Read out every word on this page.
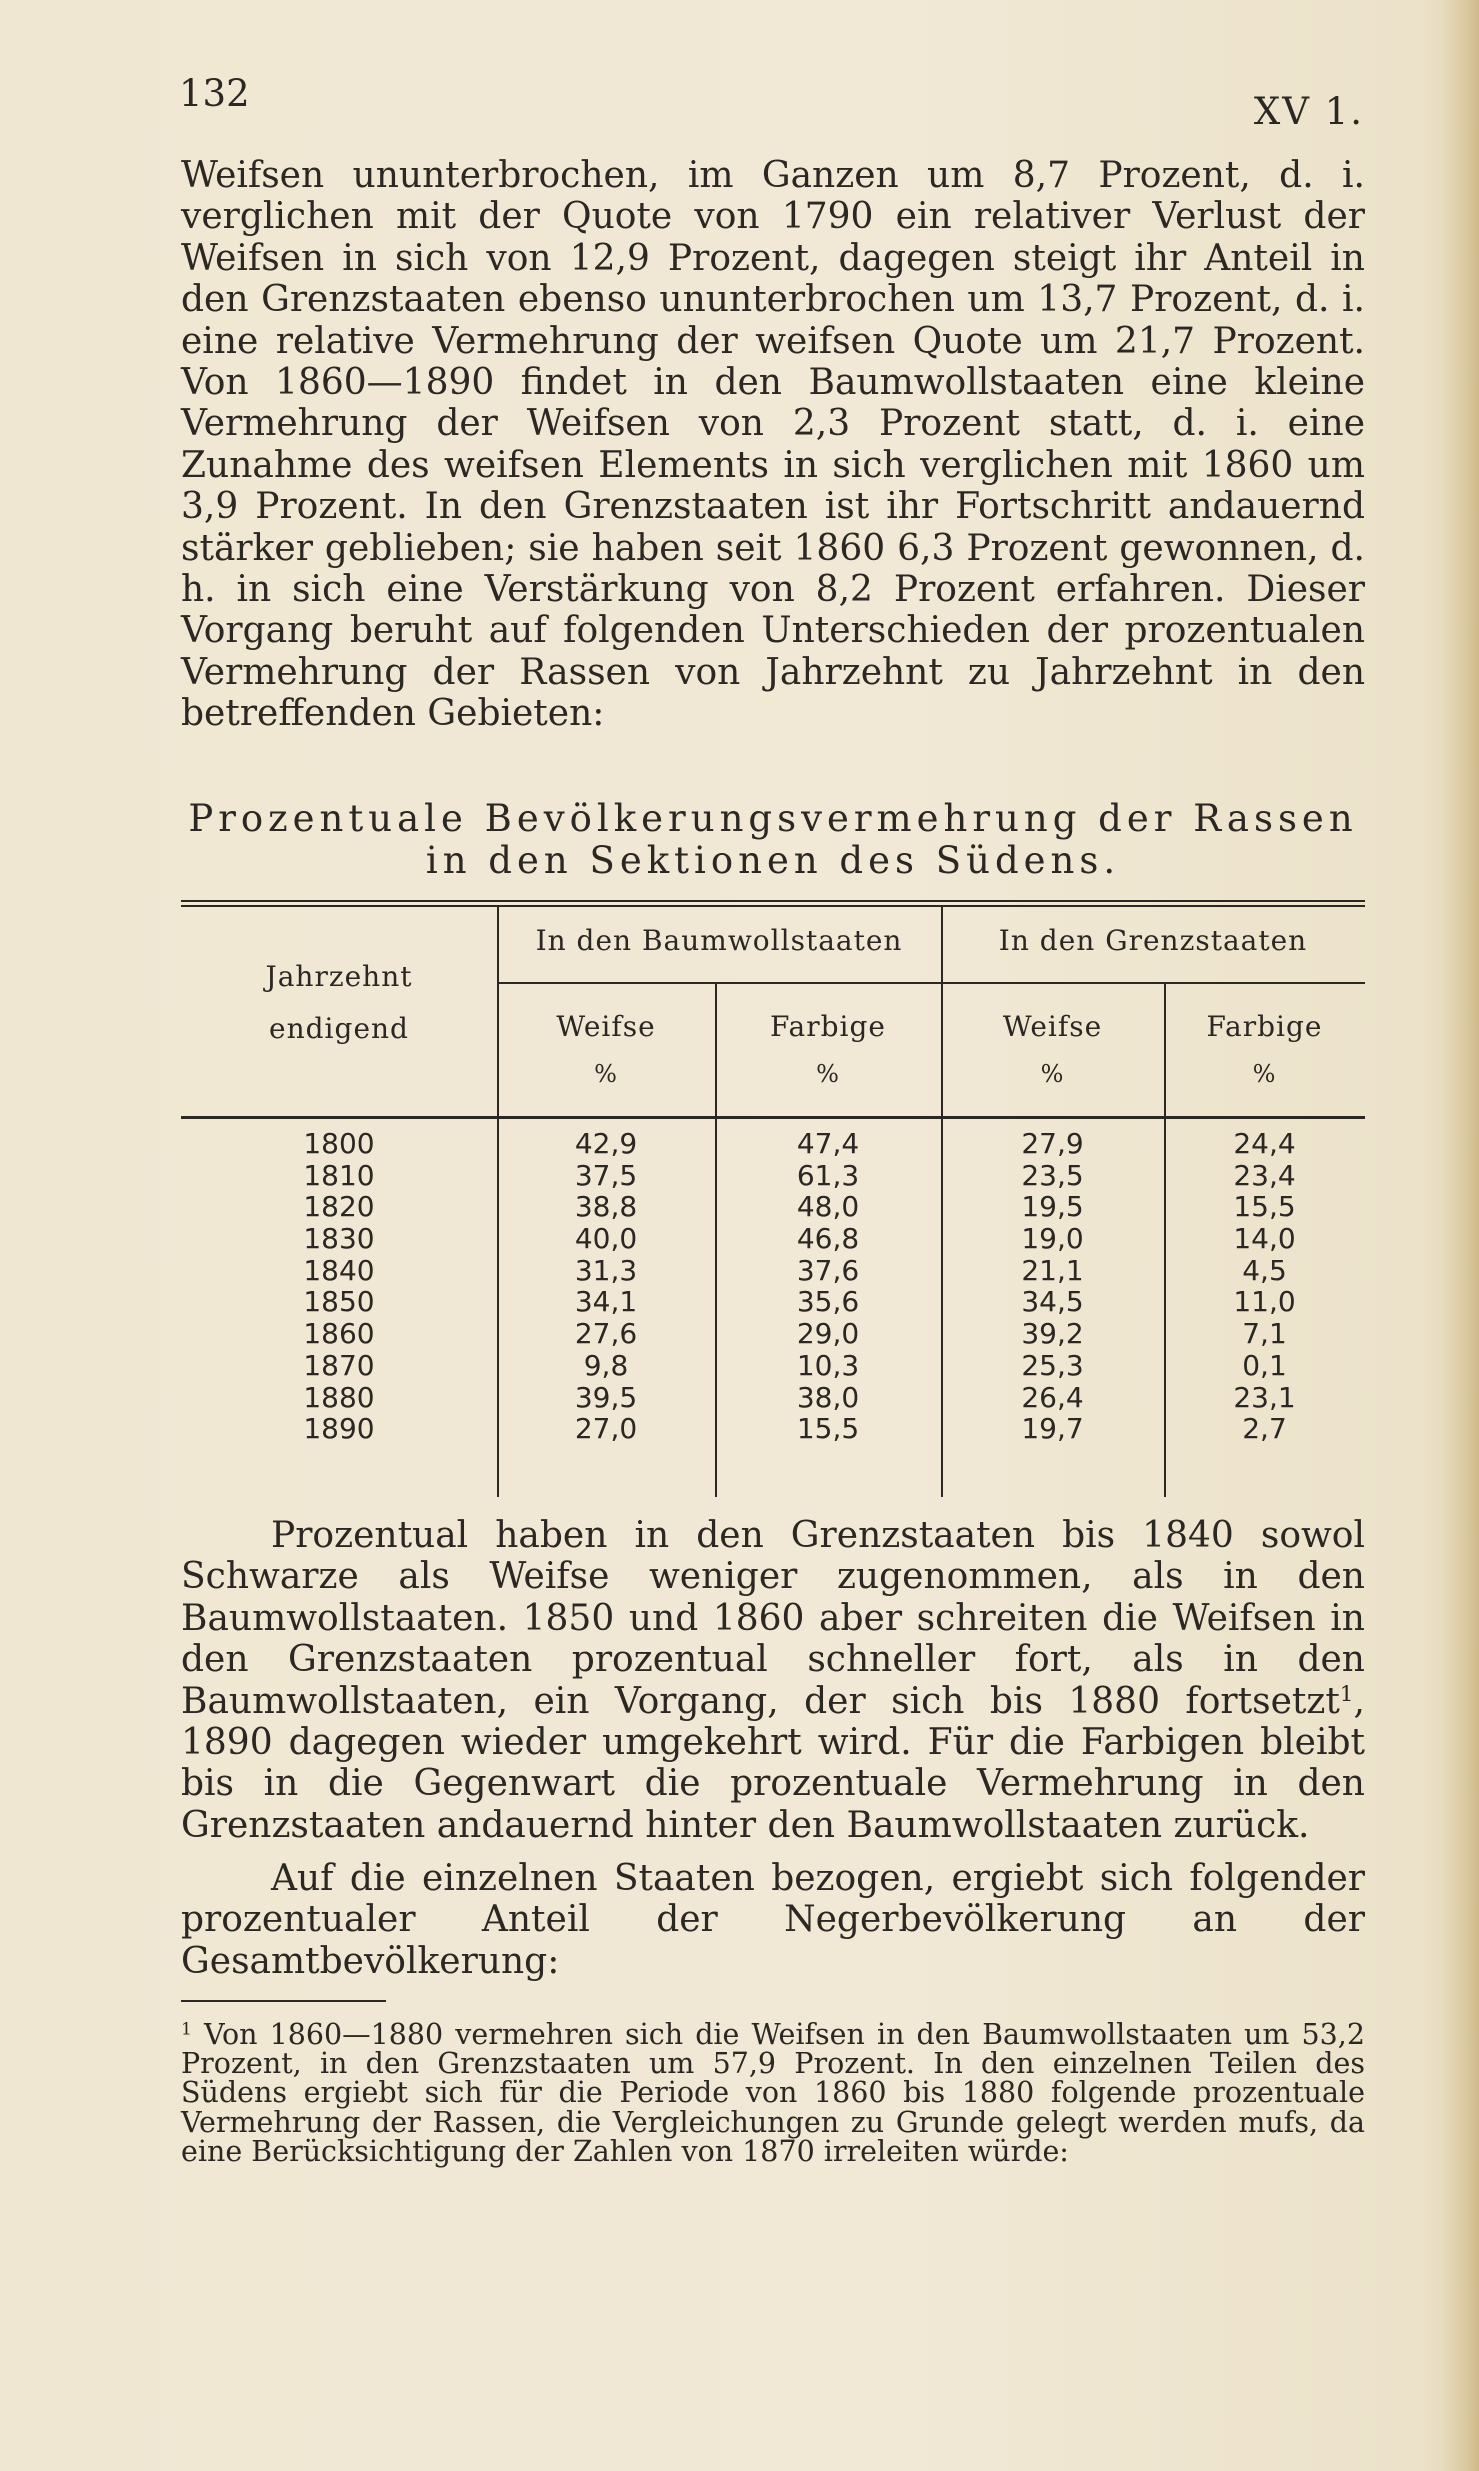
132	XV 1.

Weifsen ununterbrochen, im Ganzen um 8,7 Prozent, d. i. verglichen mit der Quote von 1790 ein relativer Verlust der Weifsen in sich von 12,9 Prozent, dagegen steigt ihr Anteil in den Grenzstaaten ebenso ununterbrochen um 13,7 Prozent, d. i. eine relative Vermehrung der weifsen Quote um 21,7 Prozent. Von 1860—1890 findet in den Baumwollstaaten eine kleine Vermehrung der Weifsen von 2,3 Prozent statt, d. i. eine Zunahme des weifsen Elements in sich verglichen mit 1860 um 3,9 Prozent. In den Grenzstaaten ist ihr Fortschritt andauernd stärker geblieben; sie haben seit 1860 6,3 Prozent gewonnen, d. h. in sich eine Verstärkung von 8,2 Prozent erfahren. Dieser Vorgang beruht auf folgenden Unterschieden der prozentualen Vermehrung der Rassen von Jahrzehnt zu Jahrzehnt in den betreffenden Gebieten:

Prozentuale Bevölkerungsvermehrung der Rassen
in den Sektionen des Südens.
Jahrzehnt
endigend
In den Baumwollstaaten	In den Grenzstaaten
Weifse	Farbige	Weifse	Farbige
%	%	%	%
1800	42,9	47,4	27,9	24,4
1810	37,5	61,3	23,5	23,4
1820	38,8	48,0	19,5	15,5
1830	40,0	46,8	19,0	14,0
1840	31,3	37,6	21,1	4,5
1850	34,1	35,6	34,5	11,0
1860	27,6	29,0	39,2	7,1
1870	9,8	10,3	25,3	0,1
1880	39,5	38,0	26,4	23,1
1890	27,0	15,5	19,7	2,7

Prozentual haben in den Grenzstaaten bis 1840 sowol Schwarze als Weifse weniger zugenommen, als in den Baumwollstaaten. 1850 und 1860 aber schreiten die Weifsen in den Grenzstaaten prozentual schneller fort, als in den Baumwollstaaten, ein Vorgang, der sich bis 1880 fortsetzt$^1$, 1890 dagegen wieder umgekehrt wird. Für die Farbigen bleibt bis in die Gegenwart die prozentuale Vermehrung in den Grenzstaaten andauernd hinter den Baumwollstaaten zurück.

Auf die einzelnen Staaten bezogen, ergiebt sich folgender prozentualer Anteil der Negerbevölkerung an der Gesamtbevölkerung:

$^1$ Von 1860—1880 vermehren sich die Weifsen in den Baumwollstaaten um 53,2 Prozent, in den Grenzstaaten um 57,9 Prozent. In den einzelnen Teilen des Südens ergiebt sich für die Periode von 1860 bis 1880 folgende prozentuale Vermehrung der Rassen, die Vergleichungen zu Grunde gelegt werden mufs, da eine Berücksichtigung der Zahlen von 1870 irreleiten würde:
